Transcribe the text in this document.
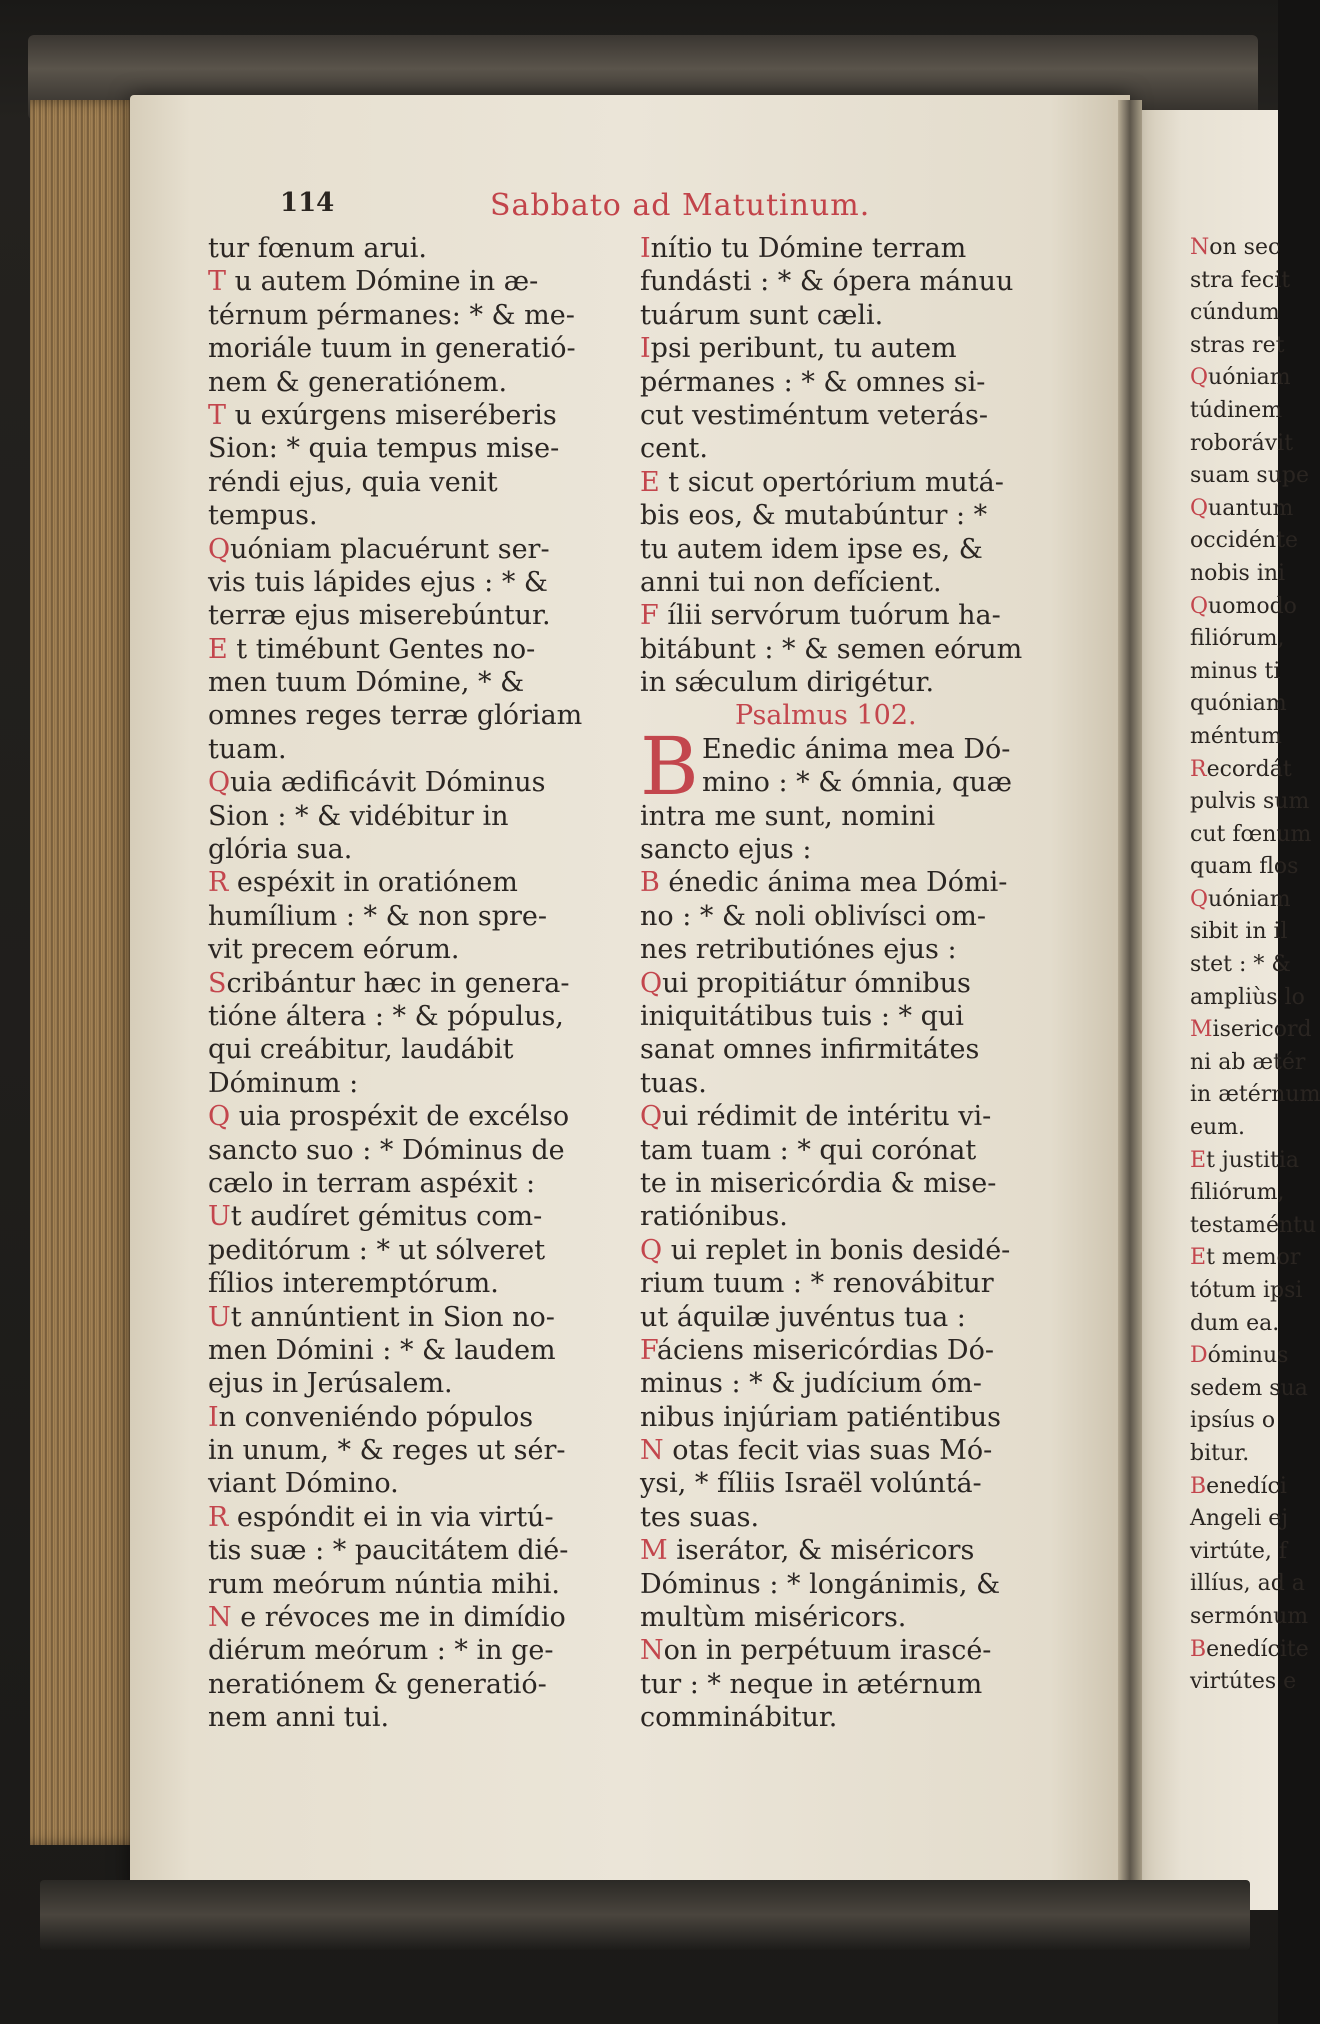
114	Sabbato ad Matutinum.
tur fœnum arui.
T u autem Dómine in æ-
térnum pérmanes: * & me-
moriále tuum in generatió-
nem & generatiónem.
T u exúrgens miseréberis
Sion: * quia tempus mise-
réndi ejus, quia venit
tempus.
Quóniam placuérunt ser-
vis tuis lápides ejus : * &
terræ ejus miserebúntur.
E t timébunt Gentes no-
men tuum Dómine, * &
omnes reges terræ glóriam
tuam.
Quia ædificávit Dóminus
Sion : * & vidébitur in
glória sua.
R espéxit in oratiónem
humílium : * & non spre-
vit precem eórum.
Scribántur hæc in genera-
tióne áltera : * & pópulus,
qui creábitur, laudábit
Dóminum :
Q uia prospéxit de excélso
sancto suo : * Dóminus de
cælo in terram aspéxit :
Ut audíret gémitus com-
peditórum : * ut sólveret
fílios interemptórum.
Ut annúntient in Sion no-
men Dómini : * & laudem
ejus in Jerúsalem.
In conveniéndo pópulos
in unum, * & reges ut sér-
viant Dómino.
R espóndit ei in via virtú-
tis suæ : * paucitátem dié-
rum meórum núntia mihi.
N e révoces me in dimídio
diérum meórum : * in ge-
neratiónem & generatió-
nem anni tui.
Inítio tu Dómine terram
fundásti : * & ópera mánuu
tuárum sunt cæli.
Ipsi peribunt, tu autem
pérmanes : * & omnes si-
cut vestiméntum veterás-
cent.
E t sicut opertórium mutá-
bis eos, & mutabúntur : *
tu autem idem ipse es, &
anni tui non defícient.
F ílii servórum tuórum ha-
bitábunt : * & semen eórum
in sǽculum dirigétur.
Psalmus 102.
B Enedic ánima mea Dó-
mino : * & ómnia, quæ
intra me sunt, nomini
sancto ejus :
B énedic ánima mea Dómi-
no : * & noli oblivísci om-
nes retributiónes ejus :
Qui propitiátur ómnibus
iniquitátibus tuis : * qui
sanat omnes infirmitátes
tuas.
Qui rédimit de intéritu vi-
tam tuam : * qui corónat
te in misericórdia & mise-
ratiónibus.
Q ui replet in bonis desidé-
rium tuum : * renovábitur
ut áquilæ juvéntus tua :
Fáciens misericórdias Dó-
minus : * & judícium óm-
nibus injúriam patiéntibus
N otas fecit vias suas Mó-
ysi, * fíliis Israël volúntá-
tes suas.
M iserátor, & miséricors
Dóminus : * longánimis, &
multùm miséricors.
Non in perpétuum irascé-
tur : * neque in ætérnum
comminábitur.
Non sec
stra fecit
cúndum
stras ret
Quóniam
túdinem
roborávit
suam supe
Quantum
occidénte
nobis ini
Quomodo
filiórum,
minus ti
quóniam
méntum
Recordát
pulvis sum
cut fœnum
quam flos
Quóniam
sibit in il
stet : * &
ampliùs lo
Misericord
ni ab ætér
in ætérnum
eum.
Et justitia
filiórum,
testaméntu
Et memor
tótum ipsi
dum ea.
Dóminus
sedem sua
ipsíus o
bitur.
Benedíci
Angeli ej
virtúte, f
illíus, ad a
sermónum
Benedícite
virtútes e
